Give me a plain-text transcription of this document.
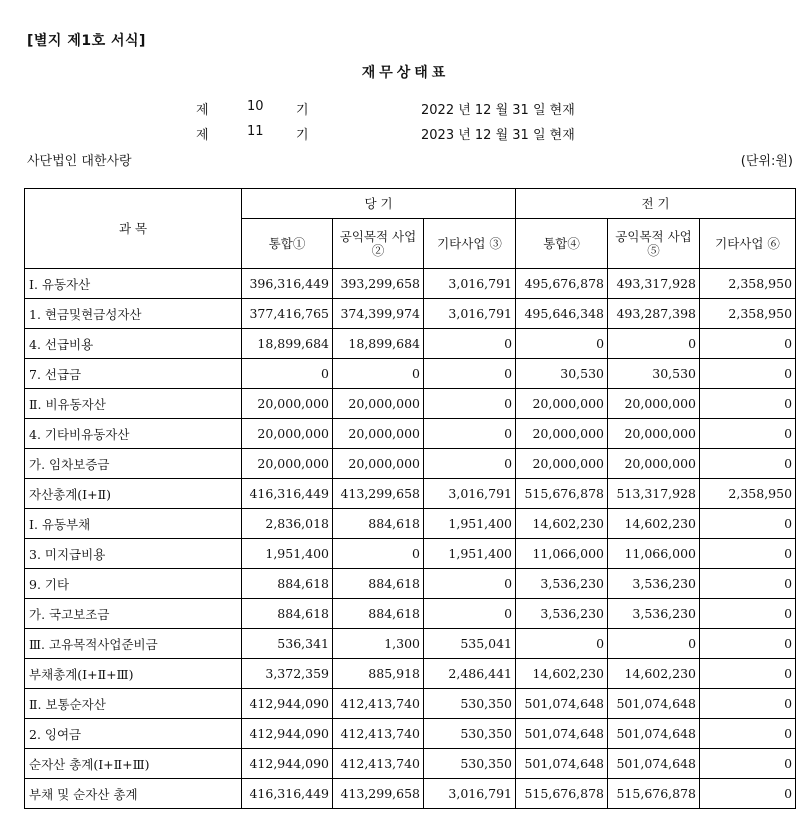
[별지 제1호 서식]
재무상태표
제	10	기	2022 년 12 월 31 일 현재
제	11	기	2023 년 12 월 31 일 현재
사단법인 대한사랑	(단위:원)
과 목	당 기			전 기		
	통합①	공익목적 사업②	기타사업 ③	통합④	공익목적 사업⑤	기타사업 ⑥
Ⅰ. 유동자산	396,316,449	393,299,658	3,016,791	495,676,878	493,317,928	2,358,950
1. 현금및현금성자산	377,416,765	374,399,974	3,016,791	495,646,348	493,287,398	2,358,950
4. 선급비용	18,899,684	18,899,684	0	0	0	0
7. 선급금	0	0	0	30,530	30,530	0
Ⅱ. 비유동자산	20,000,000	20,000,000	0	20,000,000	20,000,000	0
4. 기타비유동자산	20,000,000	20,000,000	0	20,000,000	20,000,000	0
가. 임차보증금	20,000,000	20,000,000	0	20,000,000	20,000,000	0
자산총계(Ⅰ+Ⅱ)	416,316,449	413,299,658	3,016,791	515,676,878	513,317,928	2,358,950
Ⅰ. 유동부채	2,836,018	884,618	1,951,400	14,602,230	14,602,230	0
3. 미지급비용	1,951,400	0	1,951,400	11,066,000	11,066,000	0
9. 기타	884,618	884,618	0	3,536,230	3,536,230	0
가. 국고보조금	884,618	884,618	0	3,536,230	3,536,230	0
Ⅲ. 고유목적사업준비금	536,341	1,300	535,041	0	0	0
부채총계(Ⅰ+Ⅱ+Ⅲ)	3,372,359	885,918	2,486,441	14,602,230	14,602,230	0
Ⅱ. 보통순자산	412,944,090	412,413,740	530,350	501,074,648	501,074,648	0
2. 잉여금	412,944,090	412,413,740	530,350	501,074,648	501,074,648	0
순자산 총계(Ⅰ+Ⅱ+Ⅲ)	412,944,090	412,413,740	530,350	501,074,648	501,074,648	0
부채 및 순자산 총계	416,316,449	413,299,658	3,016,791	515,676,878	515,676,878	0
